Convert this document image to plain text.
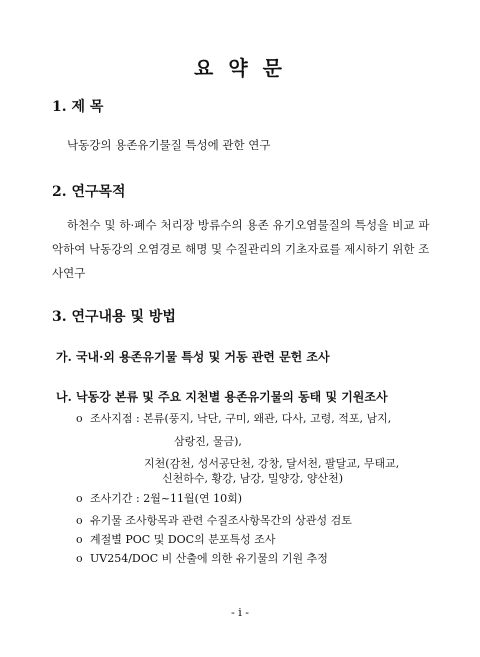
요 약 문
1. 제 목
낙동강의 용존유기물질 특성에 관한 연구
2. 연구목적
하천수 및 하·폐수 처리장 방류수의 용존 유기오염물질의 특성을 비교 파
악하여 낙동강의 오염경로 해명 및 수질관리의 기초자료를 제시하기 위한 조
사연구
3. 연구내용 및 방법
가. 국내·외 용존유기물 특성 및 거동 관련 문헌 조사
나. 낙동강 본류 및 주요 지천별 용존유기물의 동태 및 기원조사
o 조사지점 : 본류(풍지, 낙단, 구미, 왜관, 다사, 고령, 적포, 남지,
삼랑진, 물금),
지천(감천, 성서공단천, 강창, 달서천, 팔달교, 무태교,
신천하수, 황강, 남강, 밀양강, 양산천)
o 조사기간 : 2월~11월(연 10회)
o 유기물 조사항목과 관련 수질조사항목간의 상관성 검토
o 계절별 POC 및 DOC의 분포특성 조사
o UV254/DOC 비 산출에 의한 유기물의 기원 추정
- i -
